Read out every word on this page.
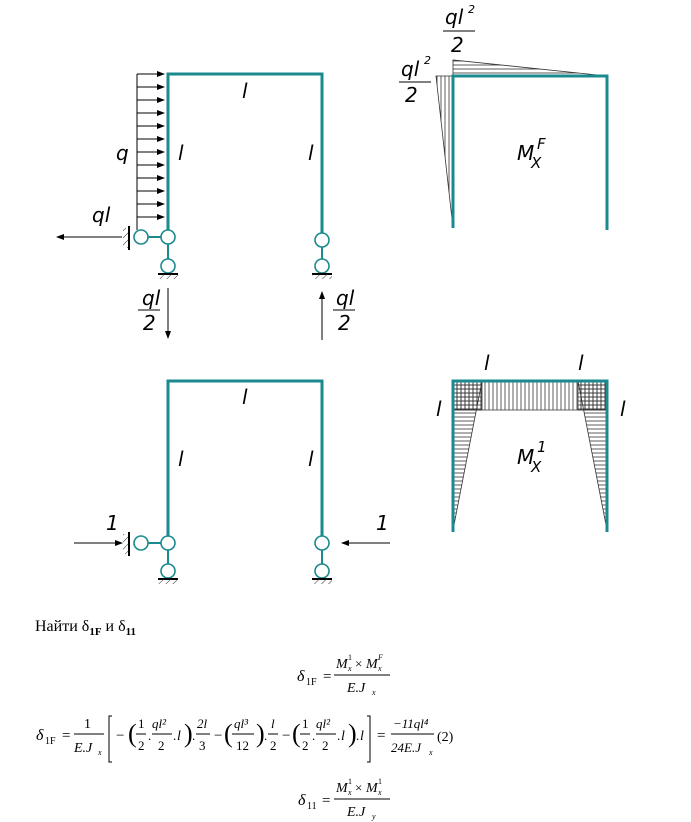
q l	l
l
ql
ql
2
ql
2
ql 2
2
ql 2
2
M F
X
l
l	l
1	1
l	l
l	l
M 1
X
δ 1F =
M 1
x × M F
x
E.J x
δ 1F =
1
E.J x
− ( 1
2
.
ql²
2
. l ) .
2l
3
− ( ql³
12 ) .
l
2
− ( 1
2
.
ql²
2
. l ) . l =
−11ql⁴
24E.J x
(2)
δ 11 =
M 1
x × M 1
x
E.J y
Найти $\delta_{1F}$ и $\delta_{11}$
